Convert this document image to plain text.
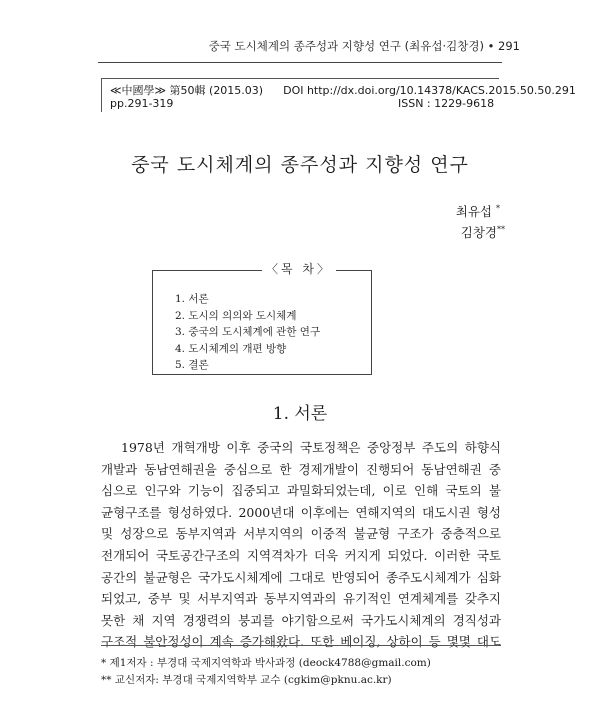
중국 도시체계의 종주성과 지향성 연구 (최유섭·김창경) • 291
≪中國學≫ 第50輯 (2015.03) DOI http://dx.doi.org/10.14378/KACS.2015.50.50.291
pp.291-319	ISSN : 1229-9618
중국 도시체계의 종주성과 지향성 연구
최유섭 *
김창경**
〈목 차〉
1. 서론
2. 도시의 의의와 도시체계
3. 중국의 도시체계에 관한 연구
4. 도시체계의 개편 방향
5. 결론
1. 서론
1978년 개혁개방 이후 중국의 국토정책은 중앙정부 주도의 하향식
개발과 동남연해권을 중심으로 한 경제개발이 진행되어 동남연해권 중
심으로 인구와 기능이 집중되고 과밀화되었는데, 이로 인해 국토의 불
균형구조를 형성하였다. 2000년대 이후에는 연해지역의 대도시권 형성
및 성장으로 동부지역과 서부지역의 이중적 불균형 구조가 중층적으로
전개되어 국토공간구조의 지역격차가 더욱 커지게 되었다. 이러한 국토
공간의 불균형은 국가도시체계에 그대로 반영되어 종주도시체계가 심화
되었고, 중부 및 서부지역과 동부지역과의 유기적인 연계체계를 갖추지
못한 채 지역 경쟁력의 붕괴를 야기함으로써 국가도시체계의 경직성과
구조적 불안정성이 계속 증가해왔다. 또한 베이징, 상하이 등 몇몇 대도
* 제1저자 : 부경대 국제지역학과 박사과정 (deock4788@gmail.com)
** 교신저자: 부경대 국제지역학부 교수 (cgkim@pknu.ac.kr)
